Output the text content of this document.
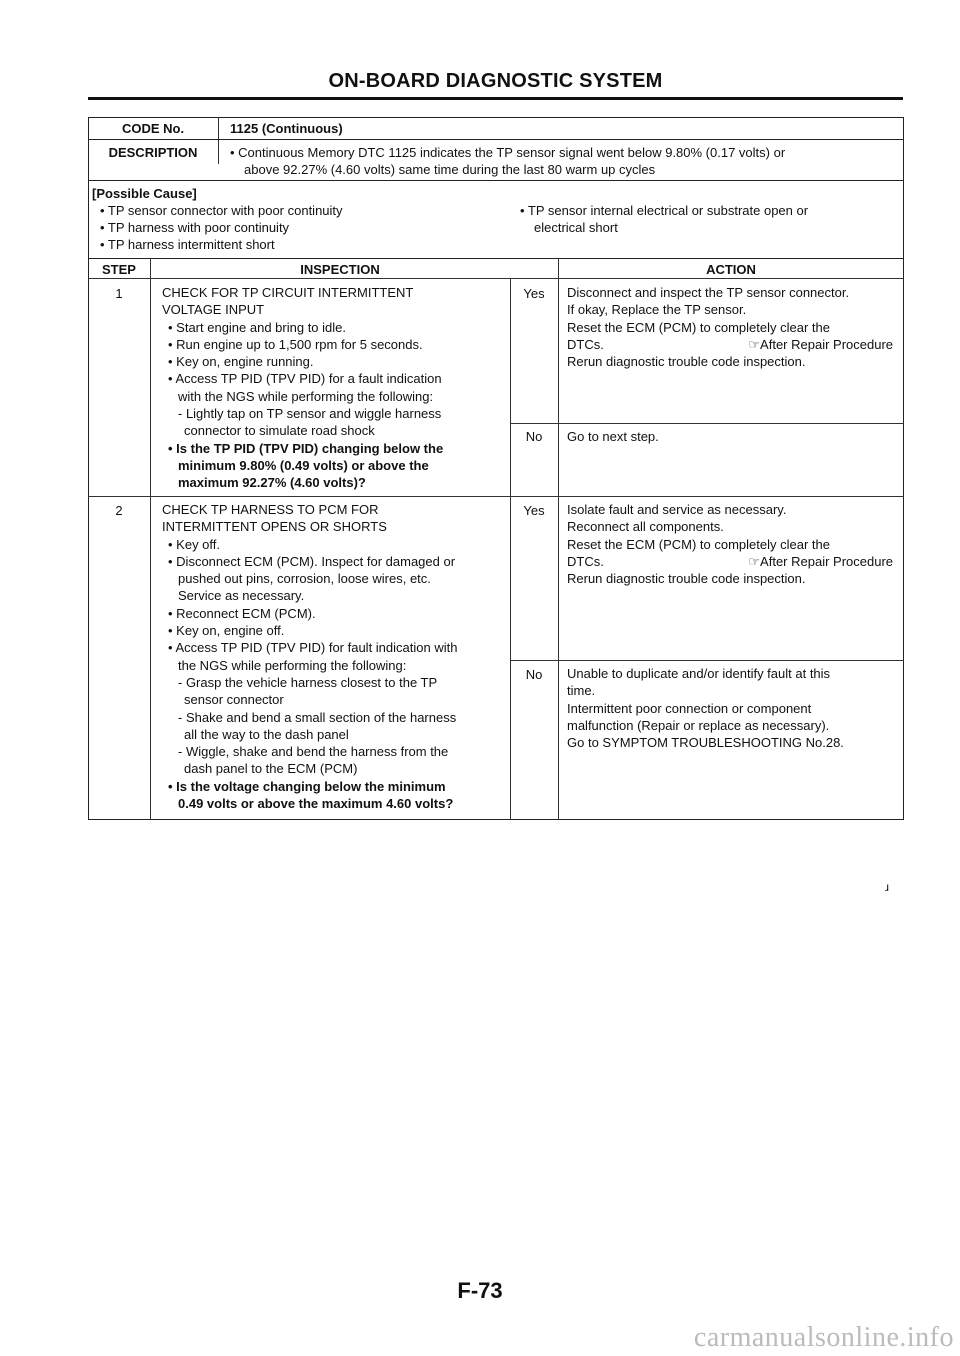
ON-BOARD DIAGNOSTIC SYSTEM
CODE No.	1125 (Continuous)
DESCRIPTION	• Continuous Memory DTC 1125 indicates the TP sensor signal went below 9.80% (0.17 volts) or
above 92.27% (4.60 volts) same time during the last 80 warm up cycles
[Possible Cause]
• TP sensor connector with poor continuity
• TP harness with poor continuity
• TP harness intermittent short
• TP sensor internal electrical or substrate open or
electrical short
STEP	INSPECTION	ACTION
1	CHECK FOR TP CIRCUIT INTERMITTENT
VOLTAGE INPUT
• Start engine and bring to idle.
• Run engine up to 1,500 rpm for 5 seconds.
• Key on, engine running.
• Access TP PID (TPV PID) for a fault indication
with the NGS while performing the following:
- Lightly tap on TP sensor and wiggle harness
connector to simulate road shock
• Is the TP PID (TPV PID) changing below the
minimum 9.80% (0.49 volts) or above the
maximum 92.27% (4.60 volts)?
Yes	Disconnect and inspect the TP sensor connector.
If okay, Replace the TP sensor.
Reset the ECM (PCM) to completely clear the
DTCs.	☞After Repair Procedure
Rerun diagnostic trouble code inspection.
No	Go to next step.
2	CHECK TP HARNESS TO PCM FOR
INTERMITTENT OPENS OR SHORTS
• Key off.
• Disconnect ECM (PCM). Inspect for damaged or
pushed out pins, corrosion, loose wires, etc.
Service as necessary.
• Reconnect ECM (PCM).
• Key on, engine off.
• Access TP PID (TPV PID) for fault indication with
the NGS while performing the following:
- Grasp the vehicle harness closest to the TP
sensor connector
- Shake and bend a small section of the harness
all the way to the dash panel
- Wiggle, shake and bend the harness from the
dash panel to the ECM (PCM)
• Is the voltage changing below the minimum
0.49 volts or above the maximum 4.60 volts?
Yes	Isolate fault and service as necessary.
Reconnect all components.
Reset the ECM (PCM) to completely clear the
DTCs.	☞After Repair Procedure
Rerun diagnostic trouble code inspection.
No	Unable to duplicate and/or identify fault at this
time.
Intermittent poor connection or component
malfunction (Repair or replace as necessary).
Go to SYMPTOM TROUBLESHOOTING No.28.
ɹ
F-73
carmanualsonline.info
